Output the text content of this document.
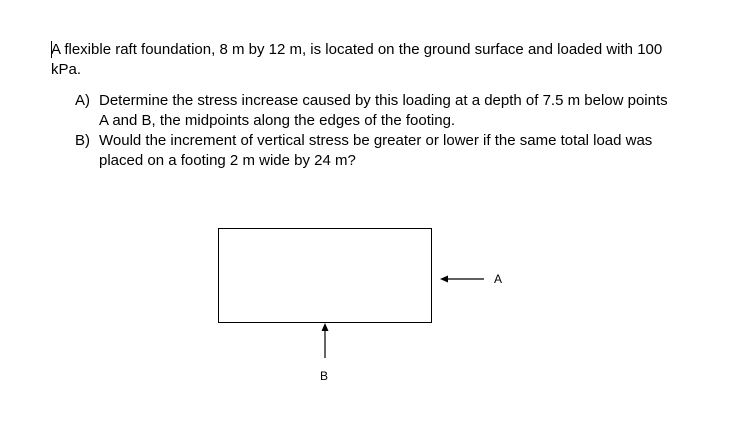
A flexible raft foundation, 8 m by 12 m, is located on the ground surface and loaded with 100 kPa.

A) Determine the stress increase caused by this loading at a depth of 7.5 m below points A and B, the midpoints along the edges of the footing.
B) Would the increment of vertical stress be greater or lower if the same total load was placed on a footing 2 m wide by 24 m?
A
B
